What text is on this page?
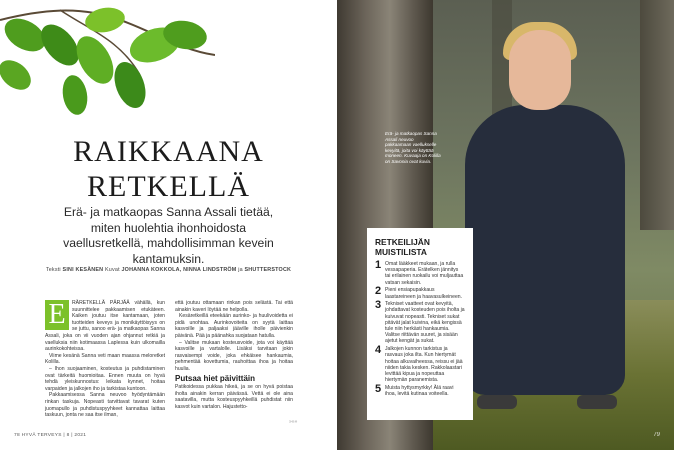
RAIKKAANA
RETKELLÄ
Erä- ja matkaopas Sanna Assali tietää, miten huolehtia ihonhoidosta vaellusretkellä, mahdollisimman kevein kantamuksin.
Teksti SINI KESÄNEN Kuvat JOHANNA KOKKOLA, NINNA LINDSTRÖM ja SHUTTERSTOCK
E	RÄRETKELLÄ PÄRJÄÄ vähällä, kun suunnittelee pakkaamisen etukäteen. Kaiken joutuu itse kantamaan, joten tuotteiden keveys ja monikäyttöisyys on se juttu, sanoo erä- ja matkaopas Sanna Assali, joka on vii vuoden ajan ohjannut retkiä ja vaelluksia niin kotimaassa Laplessa kuin ulkomailla aurinkokohteissa.

Viime kesänä Sanna veti maan maassa meloretket Kolilla.

– Ihon suojaaminen, kosteutus ja puhdistaminen ovat tärkeitä huomioitaa. Ennen muuta on hyvä tehdä yleiskunnostus: leikata kynnet, hoitaa varpaiden ja jalkojen iho ja tarkistaa kuntoon.

Pakkaamisessa Sanna neuvoo hyödyntämään rinkan taskuja. Nopeasti tarvittavat tavarat kuten juomapullo ja puhdistuspyyhkeet kannattaa laittaa taskuun, jonta ne saa itse ilman,

että joutuu ottamaan rinkan pois selästä. Tai että ainakin kaveri löytää ne helpolla.

Kesäretkeillä eteekään aurinko- ja huulivoidetta ei pidä unohtaa. Aurinkovoiteita on syytä laittaa kasvoille ja paljaaksi jääville iholle päivienkin päivänä. Pää ja päänahka suojataan hatulla.

– Valitse mukaan kosteusvoide, jota voi käyttää kasvoille ja vartalolle. Lisäksi tarvitaan jokin rasvaisempi voide, joka ehkäisee hankaumia, pehmentää kovettumia, rauhoittaa ihoa ja hoitaa huulia.

Putsaa hiet päivittäin

Patikoidessa pukkaa hikeä, ja se on hyvä poistaa iholta ainakin kerran päivässä. Vettä ei ole aina saatavilla, mutta kosteuspyyhkeillä puhdistat niin kasvot kuin vartalon. Hajustetto-

»»»
78 HYVÄ TERVEYS | 8 | 2021
Erä- ja matkaopas Sanna Assali neuvoo pakkaamaan vaellukselle kevyitä, joita voi käyttää moneen. Kuvaaja on Kolilla on Savonia ovat kuvia.
RETKEILIJÄN MUISTILISTA
1 Omat lääkkeet mukaan, ja rulla vessapaperia. Erätelken jännitys tai erilainen ruokailu voi muljauttaa vatsan sekaisin.
2 Pieni ensiapupakkaus laastareineen ja haavasulkeineen.
3 Tekniset vaatteet ovat kevyitä, johdattavat kosteuden pois iholta ja kuivuvat nopeasti. Tekniset sukat pitävät jalat kuivina, eikä kengissä tule niin herkästi hankaumia. Valitse riittävän suuret, ja sisään ajetut kengät ja sukat.
4 Jalkojen kunnon tarkistus ja rasvaus joka ilta. Kun hiertymät hoitaa alkuvaiheessa, reissu ei jää niiden takia kesken. Rakkolaastari levittää kipua ja nopeuttaa hiertymän paranemista.
5 Muista hyttysmyrkky! Älä raavi ihoa, levitä kutinaa voiteella.
79
